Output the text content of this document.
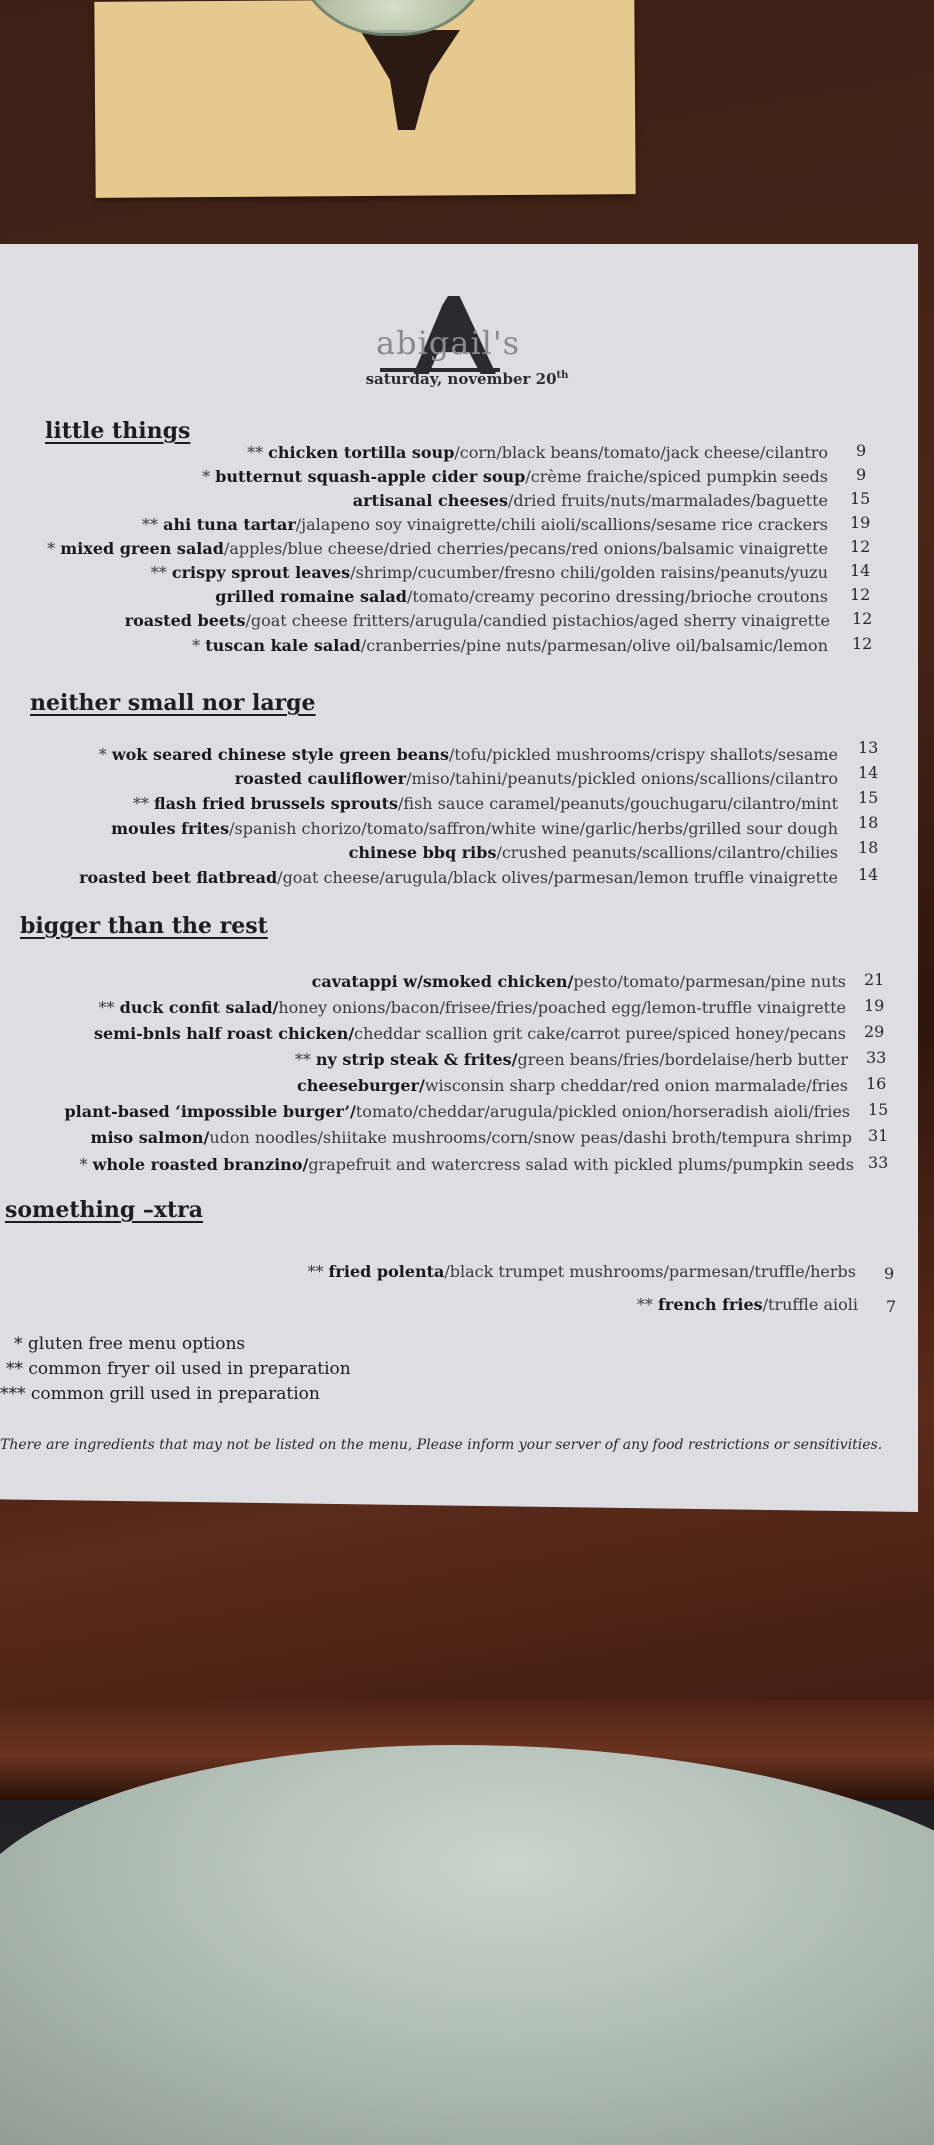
abigail's
saturday, november 20th
little things
neither small nor large
bigger than the rest
something –xtra
** chicken tortilla soup/corn/black beans/tomato/jack cheese/cilantro 9
* butternut squash-apple cider soup/crème fraiche/spiced pumpkin seeds 9
artisanal cheeses/dried fruits/nuts/marmalades/baguette 15
** ahi tuna tartar/jalapeno soy vinaigrette/chili aioli/scallions/sesame rice crackers 19
* mixed green salad/apples/blue cheese/dried cherries/pecans/red onions/balsamic vinaigrette 12
** crispy sprout leaves/shrimp/cucumber/fresno chili/golden raisins/peanuts/yuzu 14
grilled romaine salad/tomato/creamy pecorino dressing/brioche croutons 12
roasted beets/goat cheese fritters/arugula/candied pistachios/aged sherry vinaigrette 12
* tuscan kale salad/cranberries/pine nuts/parmesan/olive oil/balsamic/lemon 12
* wok seared chinese style green beans/tofu/pickled mushrooms/crispy shallots/sesame 13
roasted cauliflower/miso/tahini/peanuts/pickled onions/scallions/cilantro 14
** flash fried brussels sprouts/fish sauce caramel/peanuts/gouchugaru/cilantro/mint 15
moules frites/spanish chorizo/tomato/saffron/white wine/garlic/herbs/grilled sour dough 18
chinese bbq ribs/crushed peanuts/scallions/cilantro/chilies 18
roasted beet flatbread/goat cheese/arugula/black olives/parmesan/lemon truffle vinaigrette 14
cavatappi w/smoked chicken/pesto/tomato/parmesan/pine nuts 21
** duck confit salad/honey onions/bacon/frisee/fries/poached egg/lemon-truffle vinaigrette 19
semi-bnls half roast chicken/cheddar scallion grit cake/carrot puree/spiced honey/pecans 29
** ny strip steak & frites/green beans/fries/bordelaise/herb butter 33
cheeseburger/wisconsin sharp cheddar/red onion marmalade/fries 16
plant-based ‘impossible burger’/tomato/cheddar/arugula/pickled onion/horseradish aioli/fries 15
miso salmon/udon noodles/shiitake mushrooms/corn/snow peas/dashi broth/tempura shrimp 31
* whole roasted branzino/grapefruit and watercress salad with pickled plums/pumpkin seeds 33
** fried polenta/black trumpet mushrooms/parmesan/truffle/herbs 9
** french fries/truffle aioli 7
* gluten free menu options
** common fryer oil used in preparation
*** common grill used in preparation
There are ingredients that may not be listed on the menu, Please inform your server of any food restrictions or sensitivities.
